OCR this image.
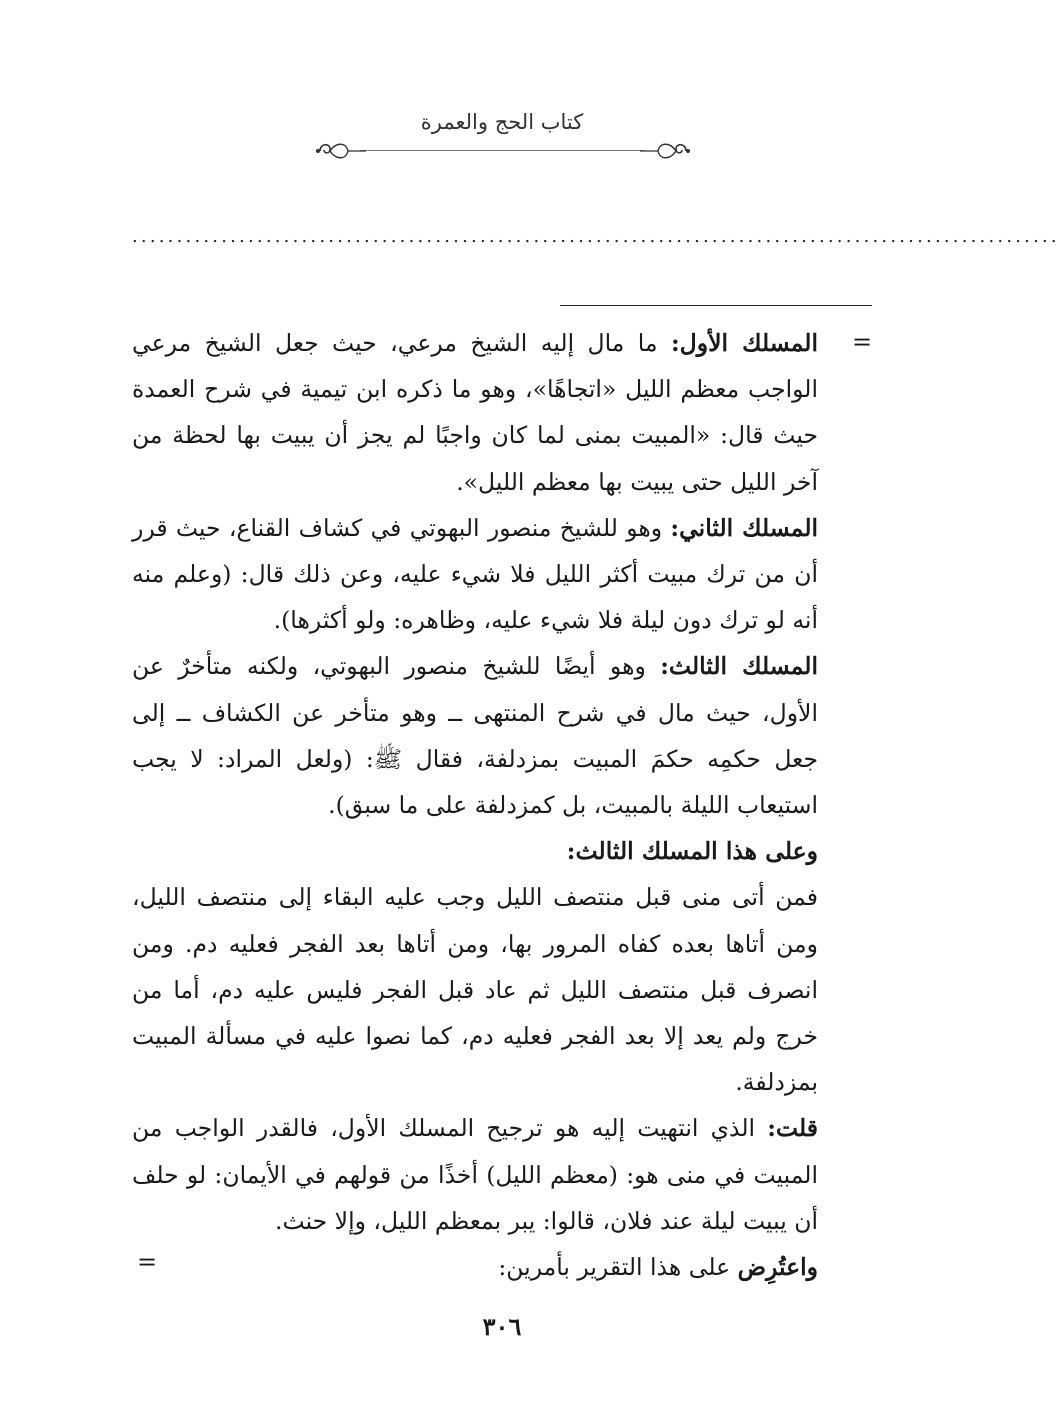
كتاب الحج والعمرة
........................................................................................................
=
=

المسلك الأول: ما مال إليه الشيخ مرعي، حيث جعل الشيخ مرعي الواجب معظم الليل «اتجاهًا»، وهو ما ذكره ابن تيمية في شرح العمدة حيث قال: «المبيت بمنى لما كان واجبًا لم يجز أن يبيت بها لحظة من آخر الليل حتى يبيت بها معظم الليل».

المسلك الثاني: وهو للشيخ منصور البهوتي في كشاف القناع، حيث قرر أن من ترك مبيت أكثر الليل فلا شيء عليه، وعن ذلك قال: (وعلم منه أنه لو ترك دون ليلة فلا شيء عليه، وظاهره: ولو أكثرها).

المسلك الثالث: وهو أيضًا للشيخ منصور البهوتي، ولكنه متأخرٌ عن الأول، حيث مال في شرح المنتهى ــ وهو متأخر عن الكشاف ــ إلى جعل حكمِه حكمَ المبيت بمزدلفة، فقال ﷺ: (ولعل المراد: لا يجب استيعاب الليلة بالمبيت، بل كمزدلفة على ما سبق).

وعلى هذا المسلك الثالث:

فمن أتى منى قبل منتصف الليل وجب عليه البقاء إلى منتصف الليل، ومن أتاها بعده كفاه المرور بها، ومن أتاها بعد الفجر فعليه دم. ومن انصرف قبل منتصف الليل ثم عاد قبل الفجر فليس عليه دم، أما من خرج ولم يعد إلا بعد الفجر فعليه دم، كما نصوا عليه في مسألة المبيت بمزدلفة.

قلت: الذي انتهيت إليه هو ترجيح المسلك الأول، فالقدر الواجب من المبيت في منى هو: (معظم الليل) أخذًا من قولهم في الأيمان: لو حلف أن يبيت ليلة عند فلان، قالوا: يبر بمعظم الليل، وإلا حنث.

واعتُرِض على هذا التقرير بأمرين:

٣٠٦
